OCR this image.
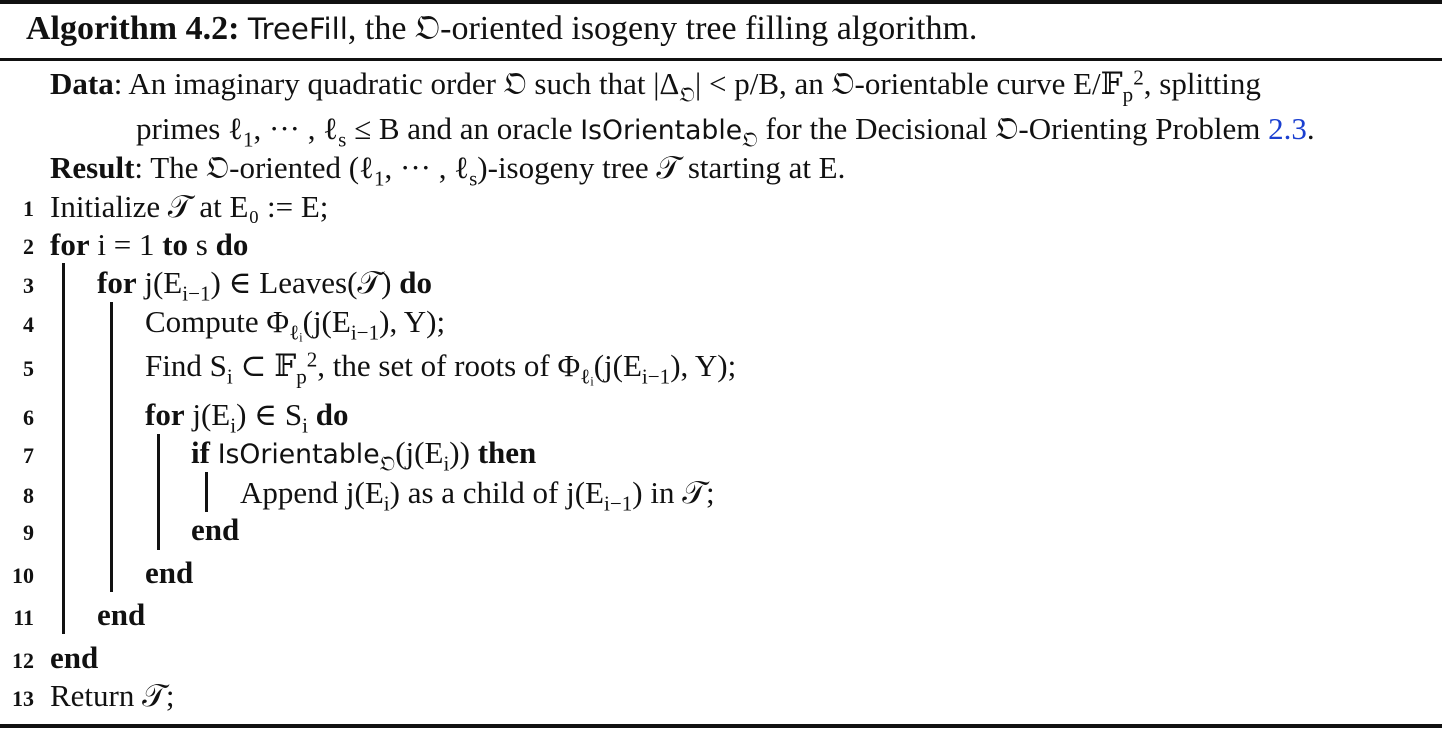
Algorithm 4.2: TreeFill, the 𝔒-oriented isogeny tree filling algorithm.
Data: An imaginary quadratic order 𝔒 such that $|\Delta_𝔒| < p/B$, an 𝔒-orientable curve E/𝔽$_p^2$, splitting
primes ℓ$_1$, ··· , ℓ$_s$ ≤ B and an oracle IsOrientable$_𝔒$ for the Decisional 𝔒-Orienting Problem 2.3.
Result: The 𝔒-oriented (ℓ$_1$, ··· , ℓ$_s$)-isogeny tree 𝒯 starting at E.
1 Initialize 𝒯 at E₀ := E;
2 for i = 1 to s do
3 for $j(E_{i-1})$ ∈ Leaves(𝒯) do
4	Compute $\Phi_{\ell ᵢ}(j(E_{i-1})$, Y);
5	Find $S_i$ ⊂ 𝔽$_p^2$, the set of roots of $\Phi_{\ell ᵢ}(j(E_{i-1})$, Y);
6	for $j(E_i)$ ∈ $S_i$ do
7	if $IsOrientable_𝔒(j(E_i))$ then
8	Append $j(E_i)$ as a child of $j(E_{i-1})$ in 𝒯;
9	end
10	end
11 end
12 end
13 Return 𝒯;
